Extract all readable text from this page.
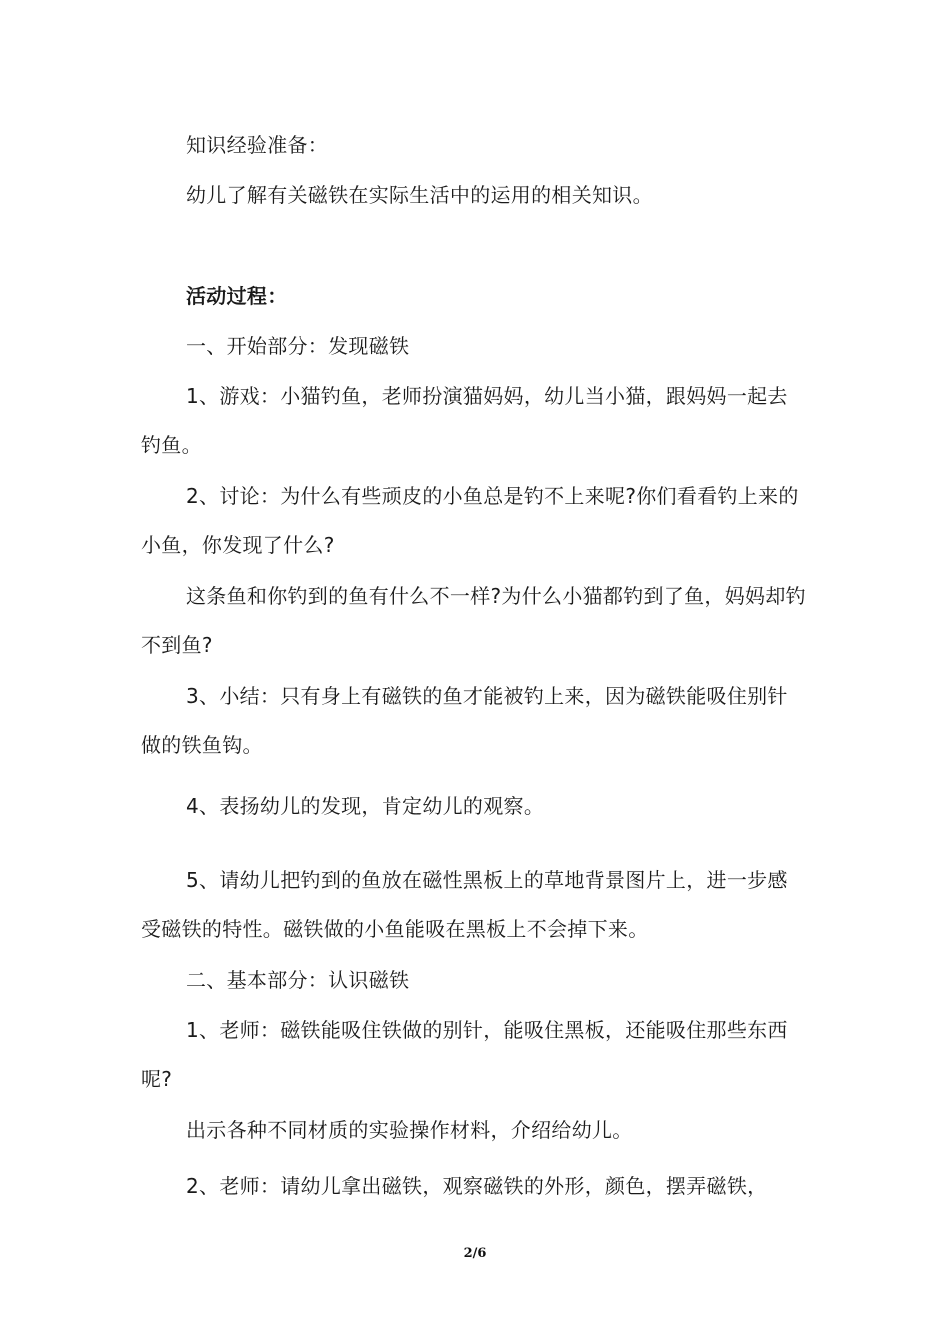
知识经验准备：

幼儿了解有关磁铁在实际生活中的运用的相关知识。

活动过程：

一、开始部分：发现磁铁

1、游戏：小猫钓鱼，老师扮演猫妈妈，幼儿当小猫，跟妈妈一起去钓鱼。

2、讨论：为什么有些顽皮的小鱼总是钓不上来呢?你们看看钓上来的小鱼，你发现了什么?

这条鱼和你钓到的鱼有什么不一样?为什么小猫都钓到了鱼，妈妈却钓不到鱼?

3、小结：只有身上有磁铁的鱼才能被钓上来，因为磁铁能吸住别针做的铁鱼钩。

4、表扬幼儿的发现，肯定幼儿的观察。

5、请幼儿把钓到的鱼放在磁性黑板上的草地背景图片上，进一步感受磁铁的特性。磁铁做的小鱼能吸在黑板上不会掉下来。

二、基本部分：认识磁铁

1、老师：磁铁能吸住铁做的别针，能吸住黑板，还能吸住那些东西呢?

出示各种不同材质的实验操作材料，介绍给幼儿。

2、老师：请幼儿拿出磁铁，观察磁铁的外形，颜色，摆弄磁铁，

2/6
